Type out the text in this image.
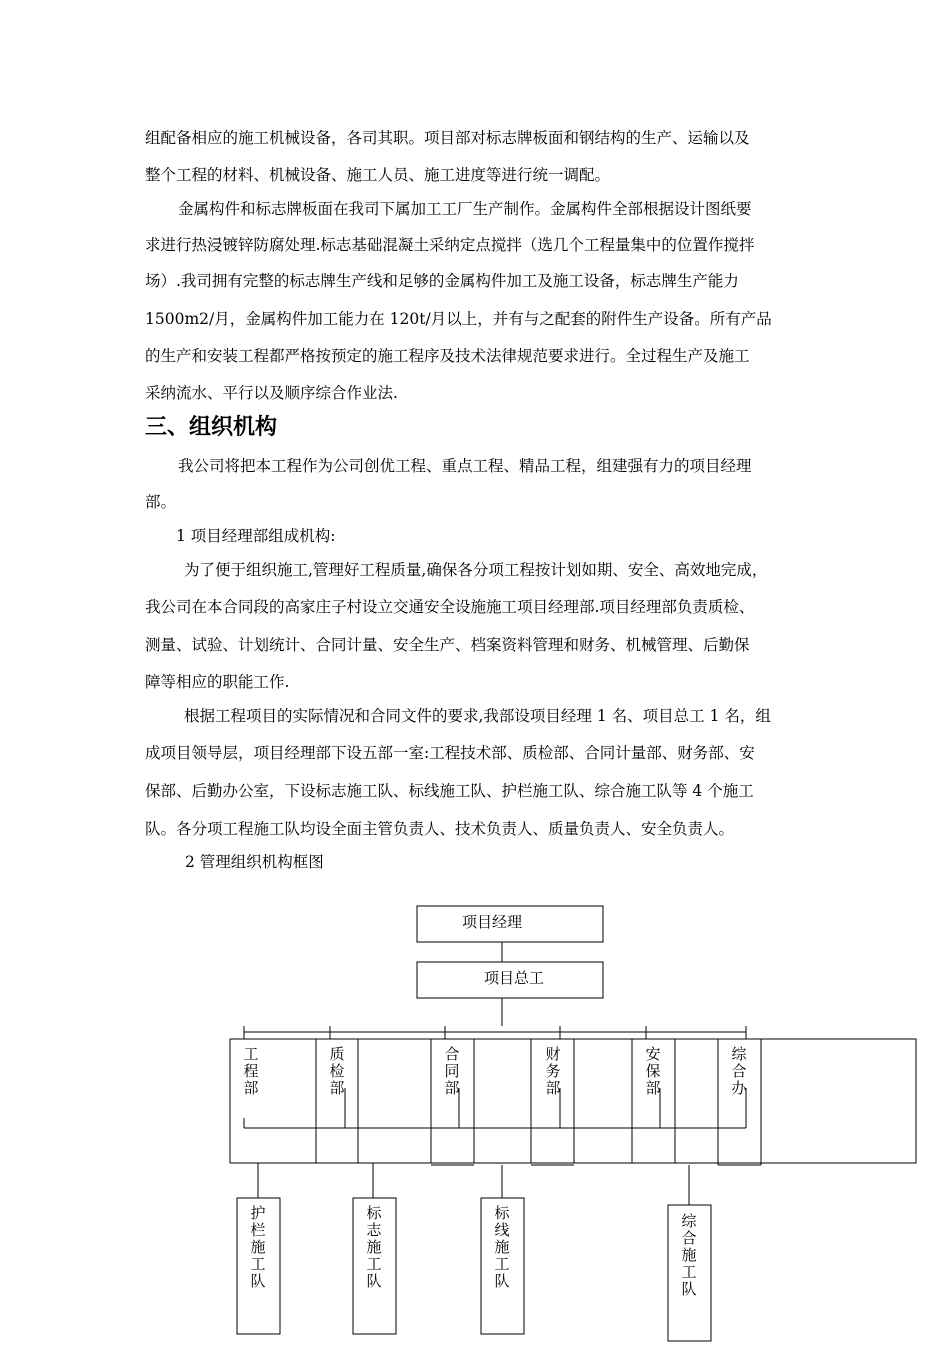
组配备相应的施工机械设备，各司其职。项目部对标志牌板面和钢结构的生产、运输以及
整个工程的材料、机械设备、施工人员、施工进度等进行统一调配。
金属构件和标志牌板面在我司下属加工工厂生产制作。金属构件全部根据设计图纸要
求进行热浸镀锌防腐处理.标志基础混凝土采纳定点搅拌（选几个工程量集中的位置作搅拌
场）.我司拥有完整的标志牌生产线和足够的金属构件加工及施工设备，标志牌生产能力
1500m2/月，金属构件加工能力在 120t/月以上，并有与之配套的附件生产设备。所有产品
的生产和安装工程都严格按预定的施工程序及技术法律规范要求进行。全过程生产及施工
采纳流水、平行以及顺序综合作业法.
三、组织机构
我公司将把本工程作为公司创优工程、重点工程、精品工程，组建强有力的项目经理
部。
1 项目经理部组成机构:
为了便于组织施工,管理好工程质量,确保各分项工程按计划如期、安全、高效地完成，
我公司在本合同段的高家庄子村设立交通安全设施施工项目经理部.项目经理部负责质检、
测量、试验、计划统计、合同计量、安全生产、档案资料管理和财务、机械管理、后勤保
障等相应的职能工作.
根据工程项目的实际情况和合同文件的要求,我部设项目经理 1 名、项目总工 1 名，组
成项目领导层，项目经理部下设五部一室:工程技术部、质检部、合同计量部、财务部、安
保部、后勤办公室，下设标志施工队、标线施工队、护栏施工队、综合施工队等 4 个施工
队。各分项工程施工队均设全面主管负责人、技术负责人、质量负责人、安全负责人。
2 管理组织机构框图
项目经理
项目总工
工程部
质检部
合同部
财务部
安保部
综合办
护栏施工队
标志施工队
标线施工队
综合施工队
